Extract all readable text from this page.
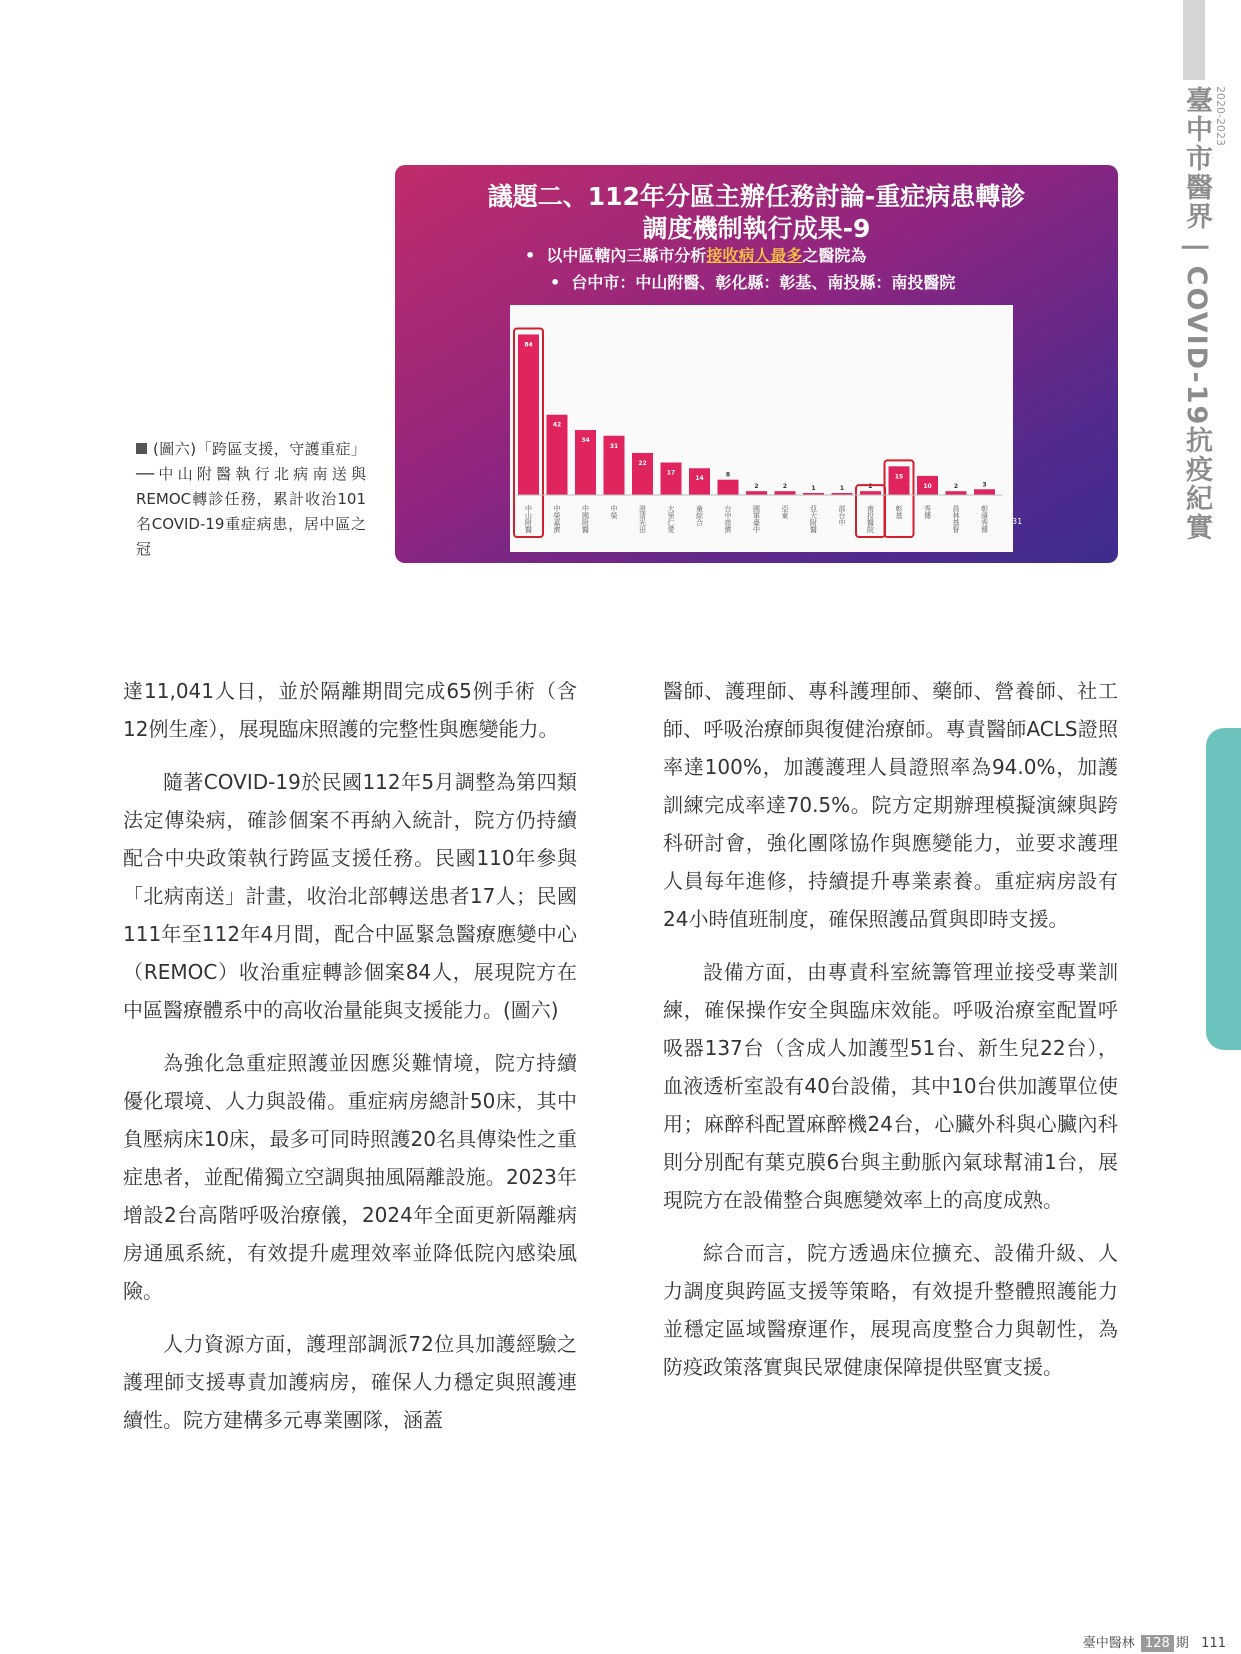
臺中市醫界 | COVID-19抗疫紀實 2020-2023
議題二、112年分區主辦任務討論-重症病患轉診
調度機制執行成果-9
•  以中區轄內三縣市分析接收病人最多之醫院為
•  台中市：中山附醫、彰化縣：彰基、南投縣：南投醫院
84
中山附醫
42
中榮嘉濟
34
中國附醫
31
中榮
22
澄清光田
17
大里仁愛
14
童綜合
8
台中慈濟
2
國軍臺中
2
亞東
1
亞大附醫
1
部台中
2
南投醫院
15
彰基
10
秀傳
2
員林基督
3
彰濱秀傳	31
(圖六)「跨區支援，守護重症」──中山附醫執行北病南送與REMOC轉診任務，累計收治101名COVID-19重症病患，居中區之冠

達11,041人日，並於隔離期間完成65例手術（含12例生產），展現臨床照護的完整性與應變能力。

隨著COVID-19於民國112年5月調整為第四類法定傳染病，確診個案不再納入統計，院方仍持續配合中央政策執行跨區支援任務。民國110年參與「北病南送」計畫，收治北部轉送患者17人；民國111年至112年4月間，配合中區緊急醫療應變中心（REMOC）收治重症轉診個案84人，展現院方在中區醫療體系中的高收治量能與支援能力。(圖六)

為強化急重症照護並因應災難情境，院方持續優化環境、人力與設備。重症病房總計50床，其中負壓病床10床，最多可同時照護20名具傳染性之重症患者，並配備獨立空調與抽風隔離設施。2023年增設2台高階呼吸治療儀，2024年全面更新隔離病房通風系統，有效提升處理效率並降低院內感染風險。

人力資源方面，護理部調派72位具加護經驗之護理師支援專責加護病房，確保人力穩定與照護連續性。院方建構多元專業團隊，涵蓋

醫師、護理師、專科護理師、藥師、營養師、社工師、呼吸治療師與復健治療師。專責醫師ACLS證照率達100%，加護護理人員證照率為94.0%，加護訓練完成率達70.5%。院方定期辦理模擬演練與跨科研討會，強化團隊協作與應變能力，並要求護理人員每年進修，持續提升專業素養。重症病房設有24小時值班制度，確保照護品質與即時支援。

設備方面，由專責科室統籌管理並接受專業訓練，確保操作安全與臨床效能。呼吸治療室配置呼吸器137台（含成人加護型51台、新生兒22台），血液透析室設有40台設備，其中10台供加護單位使用；麻醉科配置麻醉機24台，心臟外科與心臟內科則分別配有葉克膜6台與主動脈內氣球幫浦1台，展現院方在設備整合與應變效率上的高度成熟。

綜合而言，院方透過床位擴充、設備升級、人力調度與跨區支援等策略，有效提升整體照護能力並穩定區域醫療運作，展現高度整合力與韌性，為防疫政策落實與民眾健康保障提供堅實支援。

臺中醫林 128 期 111
